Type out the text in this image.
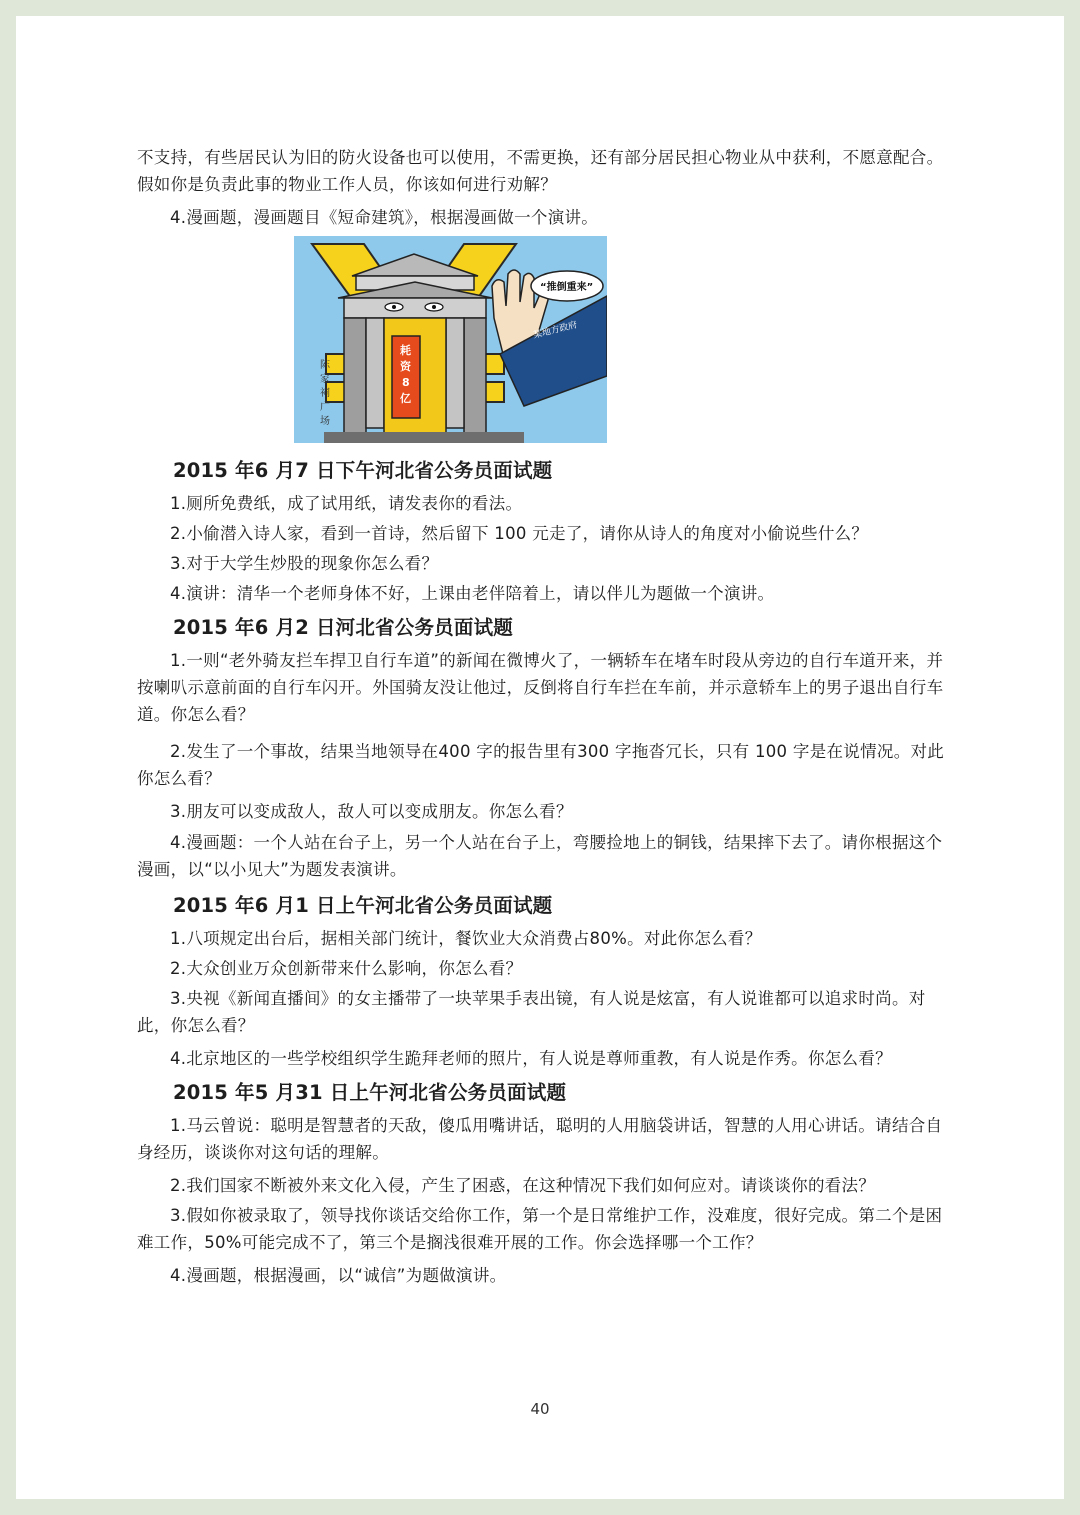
不支持，有些居民认为旧的防火设备也可以使用，不需更换，还有部分居民担心物业从中获利，不愿意配合。假如你是负责此事的物业工作人员，你该如何进行劝解？

4.漫画题，漫画题目《短命建筑》，根据漫画做一个演讲。

耗
资
8
亿
陈
家
祠
广
场
某地方政府
“推倒重来”
2015 年6 月7 日下午河北省公务员面试题

1.厕所免费纸，成了试用纸，请发表你的看法。

2.小偷潜入诗人家，看到一首诗，然后留下 100 元走了，请你从诗人的角度对小偷说些什么？

3.对于大学生炒股的现象你怎么看？

4.演讲：清华一个老师身体不好，上课由老伴陪着上，请以伴儿为题做一个演讲。

2015 年6 月2 日河北省公务员面试题

1.一则“老外骑友拦车捍卫自行车道”的新闻在微博火了，一辆轿车在堵车时段从旁边的自行车道开来，并按喇叭示意前面的自行车闪开。外国骑友没让他过，反倒将自行车拦在车前，并示意轿车上的男子退出自行车道。你怎么看？

2.发生了一个事故，结果当地领导在400 字的报告里有300 字拖沓冗长，只有 100 字是在说情况。对此你怎么看？

3.朋友可以变成敌人，敌人可以变成朋友。你怎么看？

4.漫画题：一个人站在台子上，另一个人站在台子上，弯腰捡地上的铜钱，结果摔下去了。请你根据这个漫画，以“以小见大”为题发表演讲。

2015 年6 月1 日上午河北省公务员面试题

1.八项规定出台后，据相关部门统计，餐饮业大众消费占80%。对此你怎么看？

2.大众创业万众创新带来什么影响，你怎么看？

3.央视《新闻直播间》的女主播带了一块苹果手表出镜，有人说是炫富，有人说谁都可以追求时尚。对此，你怎么看？

4.北京地区的一些学校组织学生跪拜老师的照片，有人说是尊师重教，有人说是作秀。你怎么看？

2015 年5 月31 日上午河北省公务员面试题

1.马云曾说：聪明是智慧者的天敌，傻瓜用嘴讲话，聪明的人用脑袋讲话，智慧的人用心讲话。请结合自身经历，谈谈你对这句话的理解。

2.我们国家不断被外来文化入侵，产生了困惑，在这种情况下我们如何应对。请谈谈你的看法？

3.假如你被录取了，领导找你谈话交给你工作，第一个是日常维护工作，没难度，很好完成。第二个是困难工作，50%可能完成不了，第三个是搁浅很难开展的工作。你会选择哪一个工作？

4.漫画题，根据漫画，以“诚信”为题做演讲。

40
